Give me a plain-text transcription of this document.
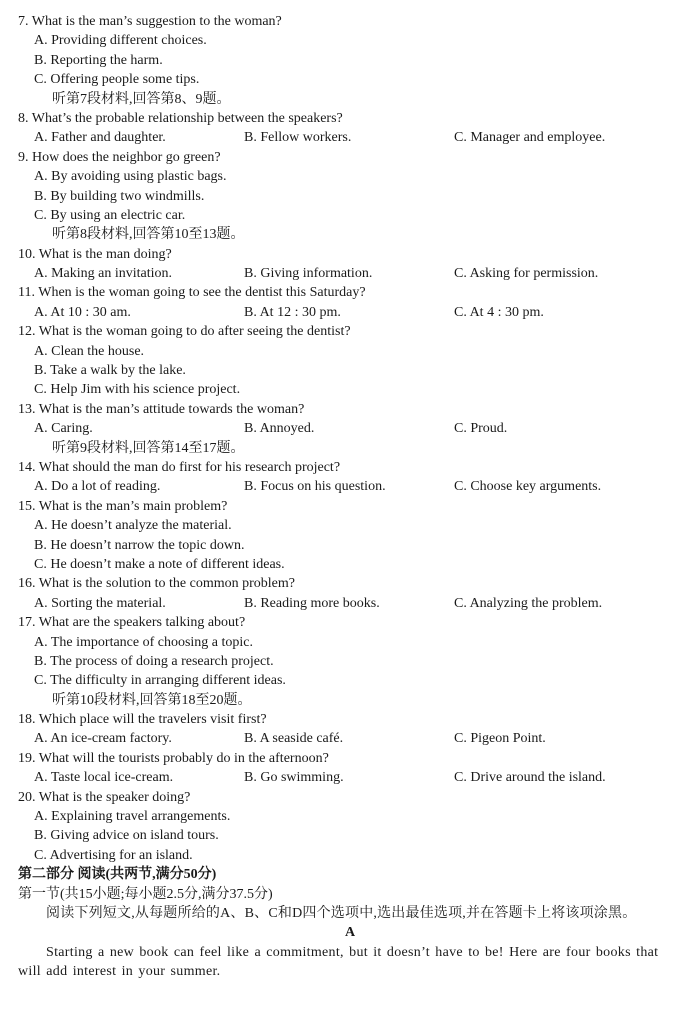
7. What is the man’s suggestion to the woman?
A. Providing different choices.
B. Reporting the harm.
C. Offering people some tips.
听第7段材料,回答第8、9题。
8. What’s the probable relationship between the speakers?
A. Father and daughter.	B. Fellow workers.	C. Manager and employee.
9. How does the neighbor go green?
A. By avoiding using plastic bags.
B. By building two windmills.
C. By using an electric car.
听第8段材料,回答第10至13题。
10. What is the man doing?
A. Making an invitation.	B. Giving information.	C. Asking for permission.
11. When is the woman going to see the dentist this Saturday?
A. At 10 : 30 am.	B. At 12 : 30 pm.	C. At 4 : 30 pm.
12. What is the woman going to do after seeing the dentist?
A. Clean the house.
B. Take a walk by the lake.
C. Help Jim with his science project.
13. What is the man’s attitude towards the woman?
A. Caring.	B. Annoyed.	C. Proud.
听第9段材料,回答第14至17题。
14. What should the man do first for his research project?
A. Do a lot of reading.	B. Focus on his question.	C. Choose key arguments.
15. What is the man’s main problem?
A. He doesn’t analyze the material.
B. He doesn’t narrow the topic down.
C. He doesn’t make a note of different ideas.
16. What is the solution to the common problem?
A. Sorting the material.	B. Reading more books.	C. Analyzing the problem.
17. What are the speakers talking about?
A. The importance of choosing a topic.
B. The process of doing a research project.
C. The difficulty in arranging different ideas.
听第10段材料,回答第18至20题。
18. Which place will the travelers visit first?
A. An ice-cream factory.	B. A seaside café.	C. Pigeon Point.
19. What will the tourists probably do in the afternoon?
A. Taste local ice-cream.	B. Go swimming.	C. Drive around the island.
20. What is the speaker doing?
A. Explaining travel arrangements.
B. Giving advice on island tours.
C. Advertising for an island.
第二部分 阅读(共两节,满分50分)
第一节(共15小题;每小题2.5分,满分37.5分)
阅读下列短文,从每题所给的A、B、C和D四个选项中,选出最佳选项,并在答题卡上将该项涂黑。
A
Starting a new book can feel like a commitment, but it doesn’t have to be! Here are four books that will add interest in your summer.
